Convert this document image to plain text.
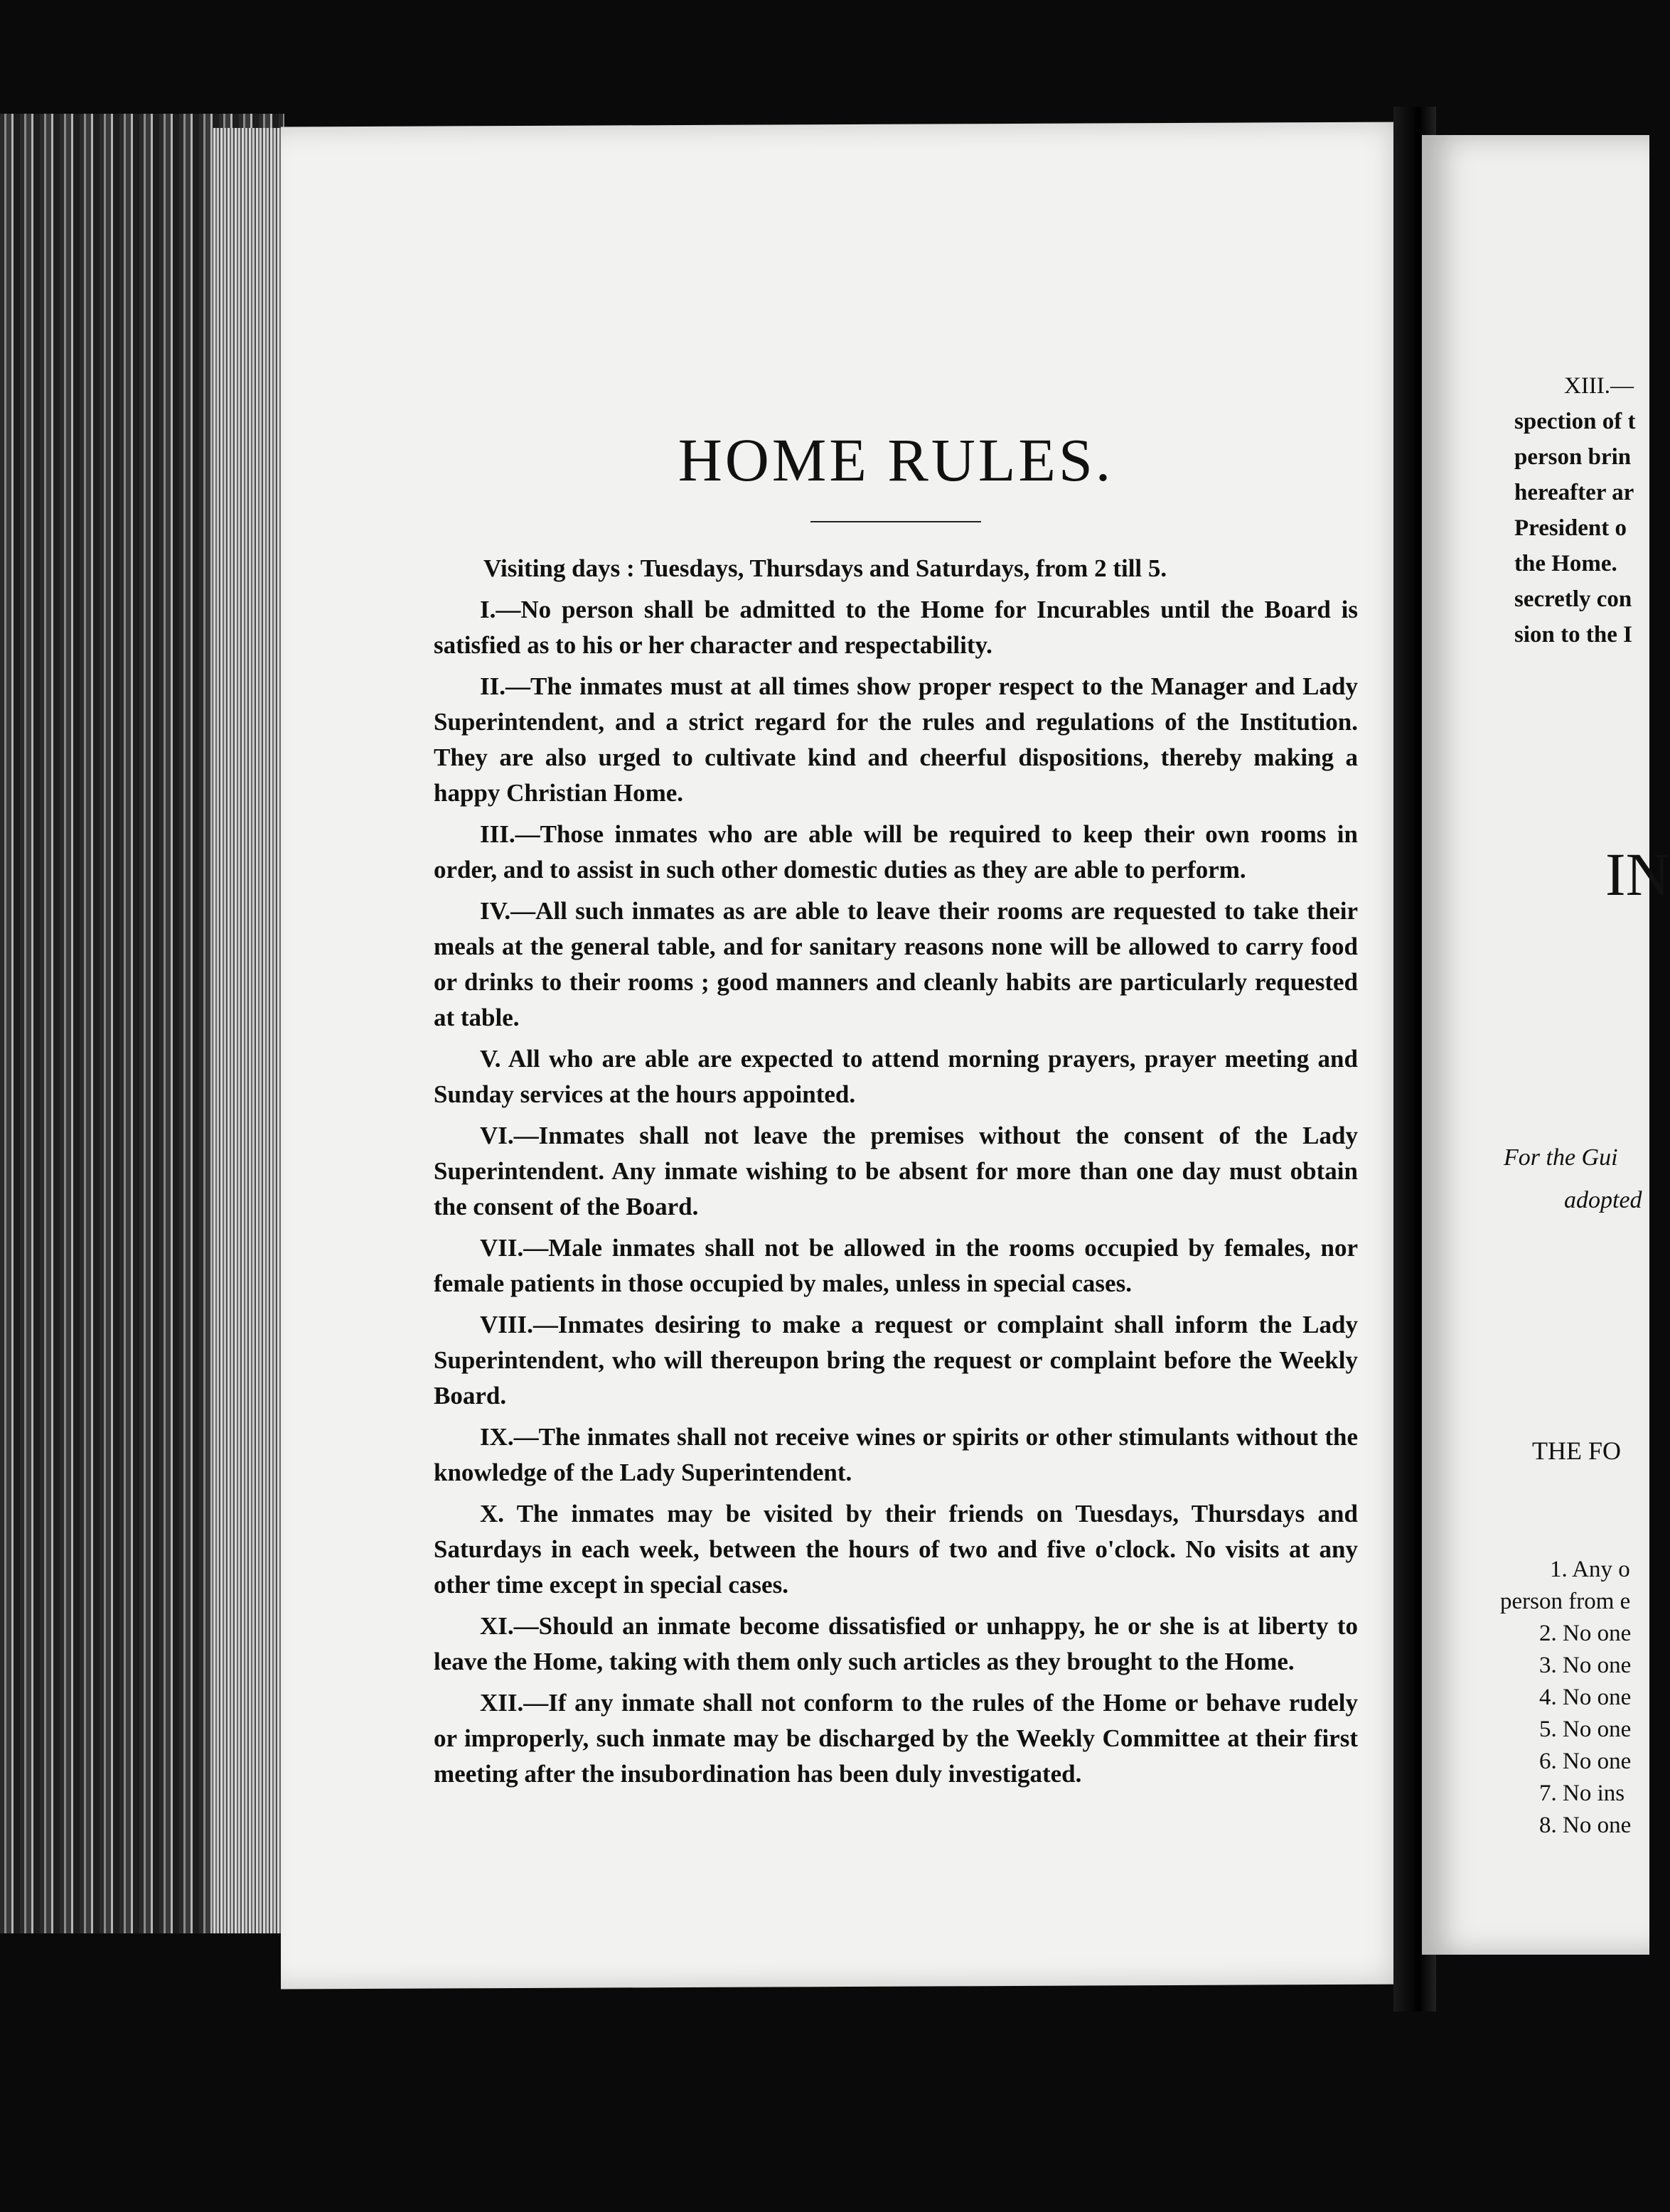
HOME RULES.

Visiting days : Tuesdays, Thursdays and Saturdays, from 2 till 5.

I.—No person shall be admitted to the Home for Incurables until the Board is satisfied as to his or her character and respectability.

II.—The inmates must at all times show proper respect to the Manager and Lady Superintendent, and a strict regard for the rules and regulations of the Institution. They are also urged to cultivate kind and cheerful dispositions, thereby making a happy Christian Home.

III.—Those inmates who are able will be required to keep their own rooms in order, and to assist in such other domestic duties as they are able to perform.

IV.—All such inmates as are able to leave their rooms are requested to take their meals at the general table, and for sanitary reasons none will be allowed to carry food or drinks to their rooms ; good manners and cleanly habits are particularly requested at table.

V. All who are able are expected to attend morning prayers, prayer meeting and Sunday services at the hours appointed.

VI.—Inmates shall not leave the premises without the consent of the Lady Superintendent. Any inmate wishing to be absent for more than one day must obtain the consent of the Board.

VII.—Male inmates shall not be allowed in the rooms occupied by females, nor female patients in those occupied by males, unless in special cases.

VIII.—Inmates desiring to make a request or complaint shall inform the Lady Superintendent, who will thereupon bring the request or complaint before the Weekly Board.

IX.—The inmates shall not receive wines or spirits or other stimulants without the knowledge of the Lady Superintendent.

X. The inmates may be visited by their friends on Tuesdays, Thursdays and Saturdays in each week, between the hours of two and five o'clock. No visits at any other time except in special cases.

XI.—Should an inmate become dissatisfied or unhappy, he or she is at liberty to leave the Home, taking with them only such articles as they brought to the Home.

XII.—If any inmate shall not conform to the rules of the Home or behave rudely or improperly, such inmate may be discharged by the Weekly Committee at their first meeting after the insubordination has been duly investigated.

XIII.—
spection of t
person brin
hereafter ar
President o
the Home.
secretly con
sion to the I
IN
For the Gui
adopted
THE FO
1. Any o
person from e
2. No one
3. No one
4. No one
5. No one
6. No one
7. No ins
8. No one
